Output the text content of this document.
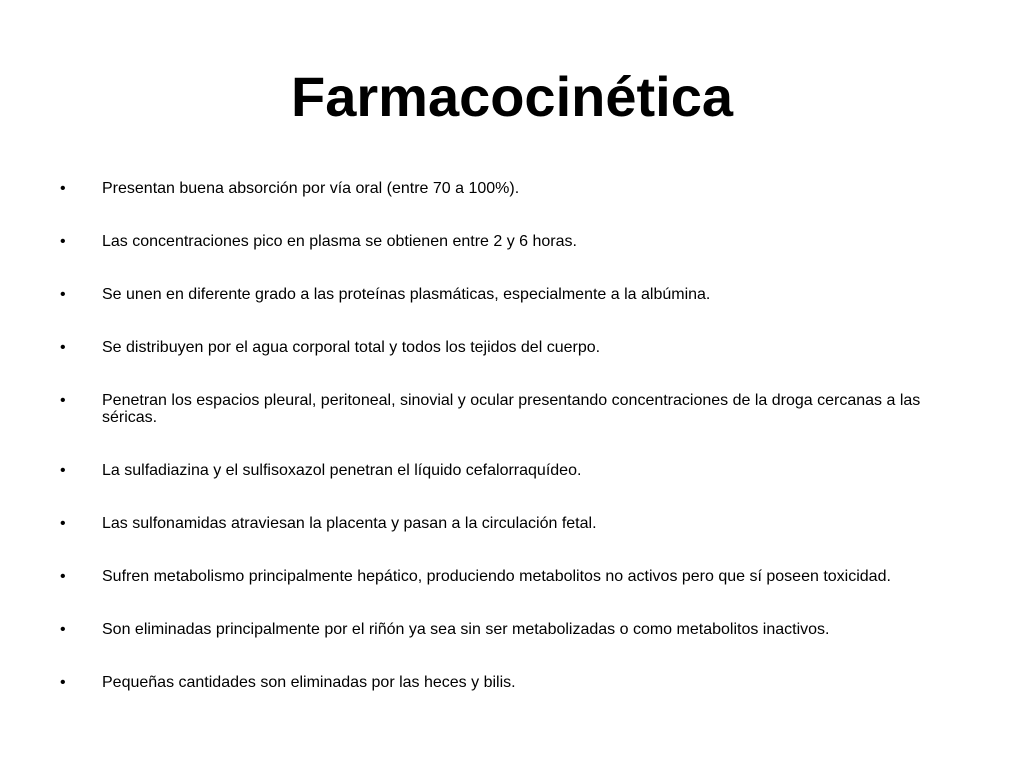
Farmacocinética
• Presentan buena absorción por vía oral (entre 70 a 100%).
• Las concentraciones pico en plasma se obtienen entre 2 y 6 horas.
• Se unen en diferente grado a las proteínas plasmáticas, especialmente a la albúmina.
• Se distribuyen por el agua corporal total y todos los tejidos del cuerpo.
• Penetran los espacios pleural, peritoneal, sinovial y ocular presentando concentraciones de la droga cercanas a las séricas.
• La sulfadiazina y el sulfisoxazol penetran el líquido cefalorraquídeo.
• Las sulfonamidas atraviesan la placenta y pasan a la circulación fetal.
• Sufren metabolismo principalmente hepático, produciendo metabolitos no activos pero que sí poseen toxicidad.
• Son eliminadas principalmente por el riñón ya sea sin ser metabolizadas o como metabolitos inactivos.
• Pequeñas cantidades son eliminadas por las heces y bilis.
